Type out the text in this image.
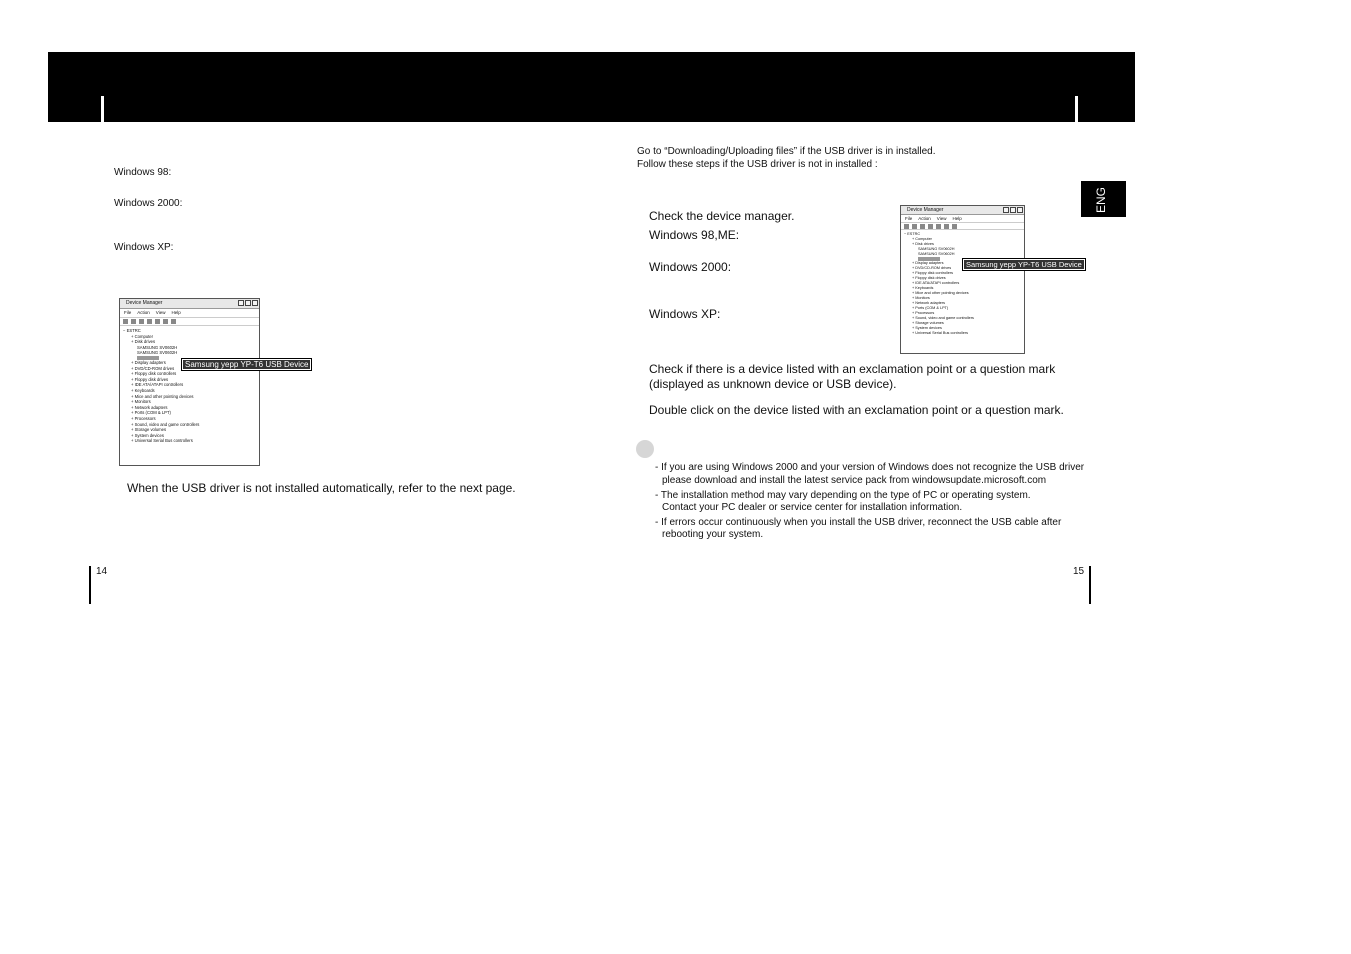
Windows 98:
Windows 2000:
Windows XP:
Device Manager
File Action View Help
− ESTRC
+ Computer
+ Disk drives
SAMSUNG SV0602H
SAMSUNG SV0602H
+ Display adapters
+ DVD/CD-ROM drives
+ Floppy disk controllers
+ Floppy disk drives
+ IDE ATA/ATAPI controllers
+ Keyboards
+ Mice and other pointing devices
+ Monitors
+ Network adapters
+ Ports (COM & LPT)
+ Processors
+ Sound, video and game controllers
+ Storage volumes
+ System devices
+ Universal Serial Bus controllers
Samsung yepp YP-T6 USB Device
When the USB driver is not installed automatically, refer to the next page.
14
Go to “Downloading/Uploading files” if the USB driver is in installed.
Follow these steps if the USB driver is not in installed :
ENG
Check the device manager.
Windows 98,ME:
Windows 2000:
Windows XP:
Device Manager
File Action View Help
− ESTRC
+ Computer
+ Disk drives
SAMSUNG SV0602H
SAMSUNG SV0602H
+ Display adapters
+ DVD/CD-ROM drives
+ Floppy disk controllers
+ Floppy disk drives
+ IDE ATA/ATAPI controllers
+ Keyboards
+ Mice and other pointing devices
+ Monitors
+ Network adapters
+ Ports (COM & LPT)
+ Processors
+ Sound, video and game controllers
+ Storage volumes
+ System devices
+ Universal Serial Bus controllers
Samsung yepp YP-T6 USB Device
Check if there is a device listed with an exclamation point or a question mark
(displayed as unknown device or USB device).
Double click on the device listed with an exclamation point or a question mark.
- If you are using Windows 2000 and your version of Windows does not recognize the USB driver
please download and install the latest service pack from windowsupdate.microsoft.com
- The installation method may vary depending on the type of PC or operating system.
Contact your PC dealer or service center for installation information.
- If errors occur continuously when you install the USB driver, reconnect the USB cable after
rebooting your system.
15
